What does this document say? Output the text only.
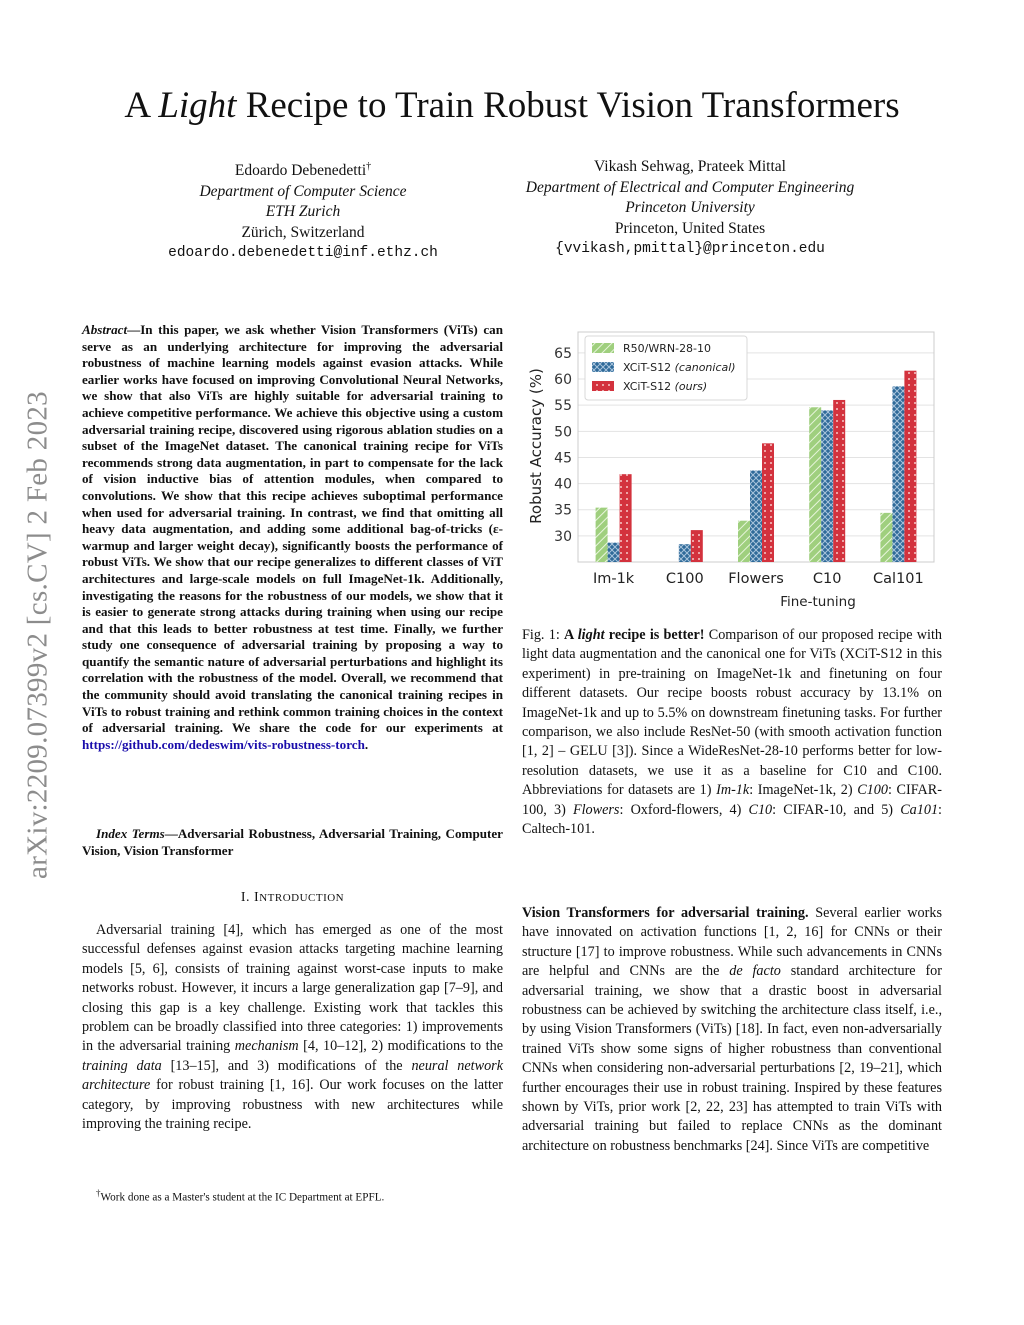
A Light Recipe to Train Robust Vision Transformers
Edoardo Debenedetti†
Department of Computer Science
ETH Zurich
Zürich, Switzerland
edoardo.debenedetti@inf.ethz.ch
Vikash Sehwag, Prateek Mittal
Department of Electrical and Computer Engineering
Princeton University
Princeton, United States
{vvikash,pmittal}@princeton.edu
arXiv:2209.07399v2 [cs.CV] 2 Feb 2023
Abstract—In this paper, we ask whether Vision Transformers (ViTs) can serve as an underlying architecture for improving the adversarial robustness of machine learning models against evasion attacks. While earlier works have focused on improving Convolutional Neural Networks, we show that also ViTs are highly suitable for adversarial training to achieve competitive performance. We achieve this objective using a custom adversarial training recipe, discovered using rigorous ablation studies on a subset of the ImageNet dataset. The canonical training recipe for ViTs recommends strong data augmentation, in part to compensate for the lack of vision inductive bias of attention modules, when compared to convolutions. We show that this recipe achieves suboptimal performance when used for adversarial training. In contrast, we find that omitting all heavy data augmentation, and adding some additional bag-of-tricks (ε-warmup and larger weight decay), significantly boosts the performance of robust ViTs. We show that our recipe generalizes to different classes of ViT architectures and large-scale models on full ImageNet-1k. Additionally, investigating the reasons for the robustness of our models, we show that it is easier to generate strong attacks during training when using our recipe and that this leads to better robustness at test time. Finally, we further study one consequence of adversarial training by proposing a way to quantify the semantic nature of adversarial perturbations and highlight its correlation with the robustness of the model. Overall, we recommend that the community should avoid translating the canonical training recipes in ViTs to robust training and rethink common training choices in the context of adversarial training. We share the code for our experiments at https://github.com/dedeswim/vits-robustness-torch.
Index Terms—Adversarial Robustness, Adversarial Training, Computer Vision, Vision Transformer
I. INTRODUCTION
Adversarial training [4], which has emerged as one of the most successful defenses against evasion attacks targeting machine learning models [5, 6], consists of training against worst-case inputs to make networks robust. However, it incurs a large generalization gap [7–9], and closing this gap is a key challenge. Existing work that tackles this problem can be broadly classified into three categories: 1) improvements in the adversarial training mechanism [4, 10–12], 2) modifications to the training data [13–15], and 3) modifications of the neural network architecture for robust training [1, 16]. Our work focuses on the latter category, by improving robustness with new architectures while improving the training recipe.
†Work done as a Master's student at the IC Department at EPFL.
30
35
40
45
50
55
60
65
Im-1k C100 Flowers C10 Cal101
Robust Accuracy (%)
Fine-tuning
R50/WRN-28-10
XCiT-S12 (canonical)
XCiT-S12 (ours)
Fig. 1: A light recipe is better! Comparison of our proposed recipe with light data augmentation and the canonical one for ViTs (XCiT-S12 in this experiment) in pre-training on ImageNet-1k and finetuning on four different datasets. Our recipe boosts robust accuracy by 13.1% on ImageNet-1k and up to 5.5% on downstream finetuning tasks. For further comparison, we also include ResNet-50 (with smooth activation function [1, 2] – GELU [3]). Since a WideResNet-28-10 performs better for low-resolution datasets, we use it as a baseline for C10 and C100. Abbreviations for datasets are 1) Im-1k: ImageNet-1k, 2) C100: CIFAR-100, 3) Flowers: Oxford-flowers, 4) C10: CIFAR-10, and 5) Ca101: Caltech-101.
Vision Transformers for adversarial training. Several earlier works have innovated on activation functions [1, 2, 16] for CNNs or their structure [17] to improve robustness. While such advancements in CNNs are helpful and CNNs are the de facto standard architecture for adversarial training, we show that a drastic boost in adversarial robustness can be achieved by switching the architecture class itself, i.e., by using Vision Transformers (ViTs) [18]. In fact, even non-adversarially trained ViTs show some signs of higher robustness than conventional CNNs when considering non-adversarial perturbations [2, 19–21], which further encourages their use in robust training. Inspired by these features shown by ViTs, prior work [2, 22, 23] has attempted to train ViTs with adversarial training but failed to replace CNNs as the dominant architecture on robustness benchmarks [24]. Since ViTs are competitive
